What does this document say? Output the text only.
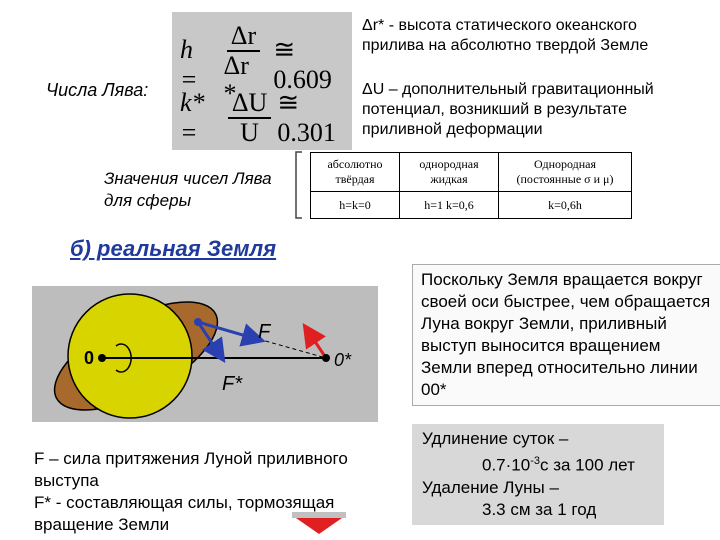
$h = \frac{\Delta r}{\Delta r *}$ ≅ 0.609
k* =	$\frac{\Delta U}{U}$ ≅ 0.301
Числа Лява:
Δr* - высота статического океанского прилива на абсолютно твердой Земле
ΔU – дополнительный гравитационный потенциал, возникший в результате приливной деформации
Значения чисел Лява для сферы
абсолютно твёрдая	однородная жидкая	Однородная (постоянные σ и μ)
h=k=0	h=1 k=0,6	k=0,6h
б) реальная Земля
0	0*
F
F*
Поскольку Земля вращается вокруг своей оси быстрее, чем обращается Луна вокруг Земли, приливный выступ выносится вращением Земли вперед относительно линии 00*
F – сила притяжения Луной приливного выступа
F* - составляющая силы, тормозящая вращение Земли
Удлинение суток –
$0.7\cdot 10^{-3}с$ за 100 лет
Удаление Луны –
3.3 см за 1 год
